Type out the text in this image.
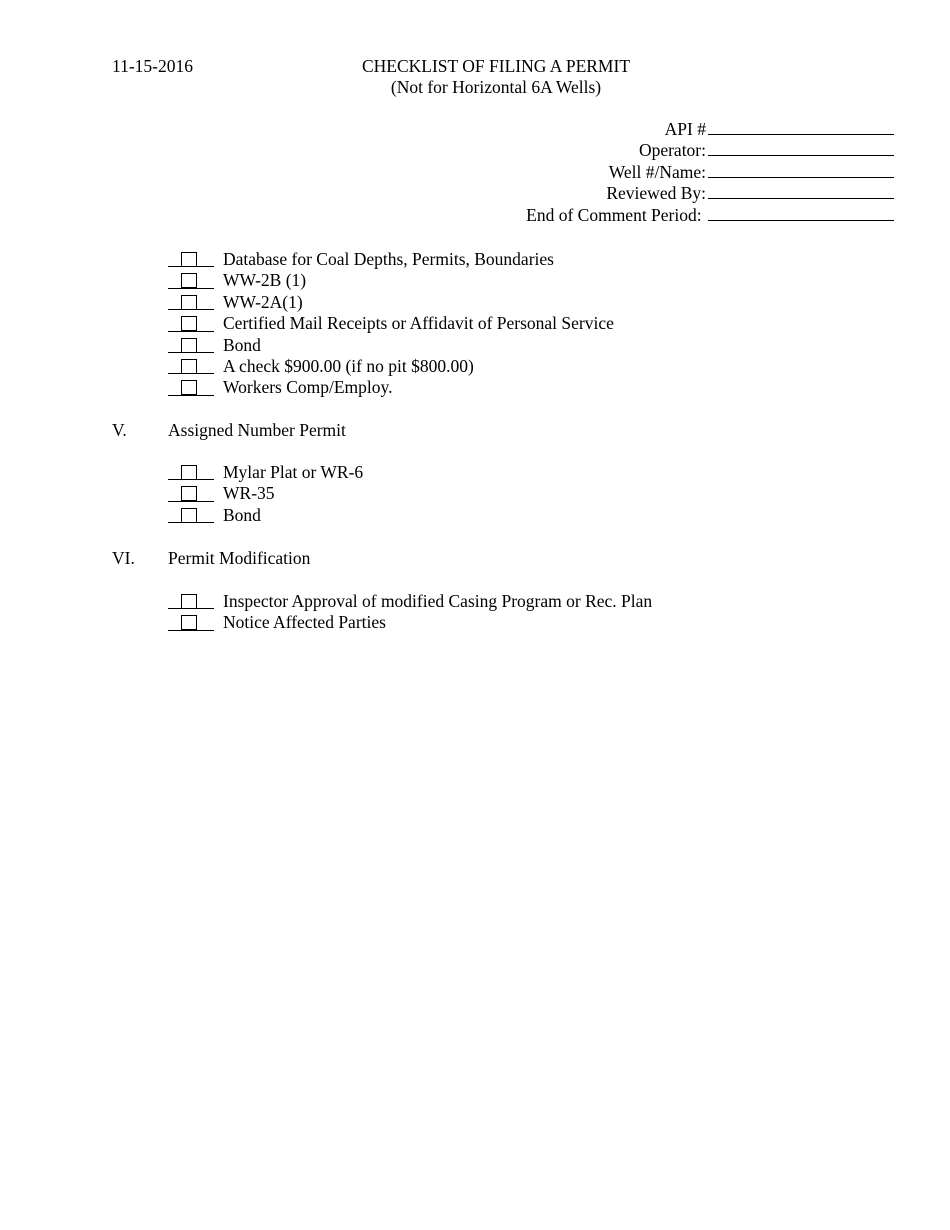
11-15-2016	CHECKLIST OF FILING A PERMIT
(Not for Horizontal 6A Wells)
API #
Operator:
Well #/Name:
Reviewed By:
End of Comment Period:
Database for Coal Depths, Permits, Boundaries
WW-2B (1)
WW-2A(1)
Certified Mail Receipts or Affidavit of Personal Service
Bond
A check $900.00 (if no pit $800.00)
Workers Comp/Employ.
V.	Assigned Number Permit
Mylar Plat or WR-6
WR-35
Bond
VI.	Permit Modification
Inspector Approval of modified Casing Program or Rec. Plan
Notice Affected Parties
